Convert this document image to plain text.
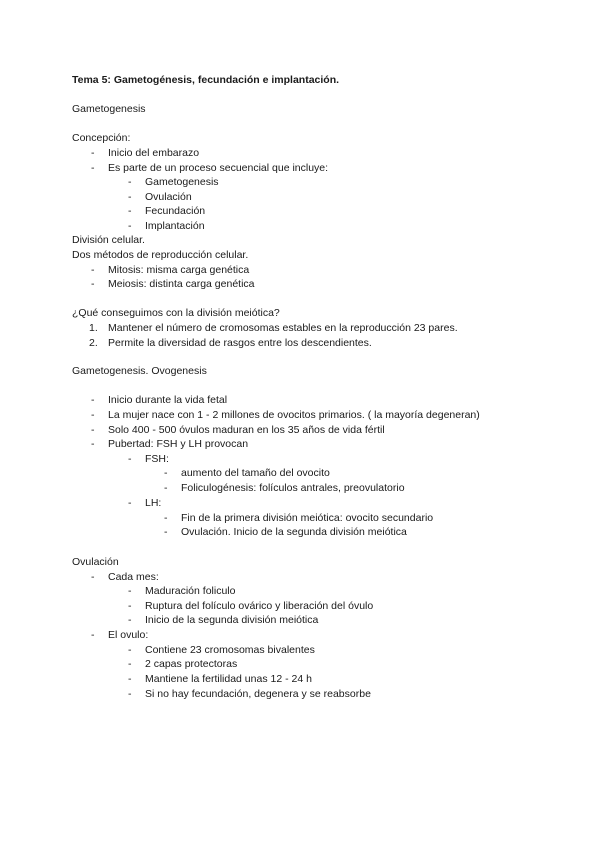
Tema 5: Gametogénesis, fecundación e implantación.
Gametogenesis
Concepción:
- Inicio del embarazo
- Es parte de un proceso secuencial que incluye:
- Gametogenesis
- Ovulación
- Fecundación
- Implantación
División celular.
Dos métodos de reproducción celular.
- Mitosis: misma carga genética
- Meiosis: distinta carga genética
¿Qué conseguimos con la división meiótica?
1. Mantener el número de cromosomas estables en la reproducción 23 pares.
2. Permite la diversidad de rasgos entre los descendientes.
Gametogenesis. Ovogenesis
- Inicio durante la vida fetal
- La mujer nace con 1 - 2 millones de ovocitos primarios. ( la mayoría degeneran)
- Solo 400 - 500 óvulos maduran en los 35 años de vida fértil
- Pubertad: FSH y LH provocan
- FSH:
- aumento del tamaño del ovocito
- Foliculogénesis: folículos antrales, preovulatorio
- LH:
- Fin de la primera división meiótica: ovocito secundario
- Ovulación. Inicio de la segunda división meiótica
Ovulación
- Cada mes:
- Maduración foliculo
- Ruptura del folículo ovárico y liberación del óvulo
- Inicio de la segunda división meiótica
- El ovulo:
- Contiene 23 cromosomas bivalentes
- 2 capas protectoras
- Mantiene la fertilidad unas 12 - 24 h
- Si no hay fecundación, degenera y se reabsorbe
